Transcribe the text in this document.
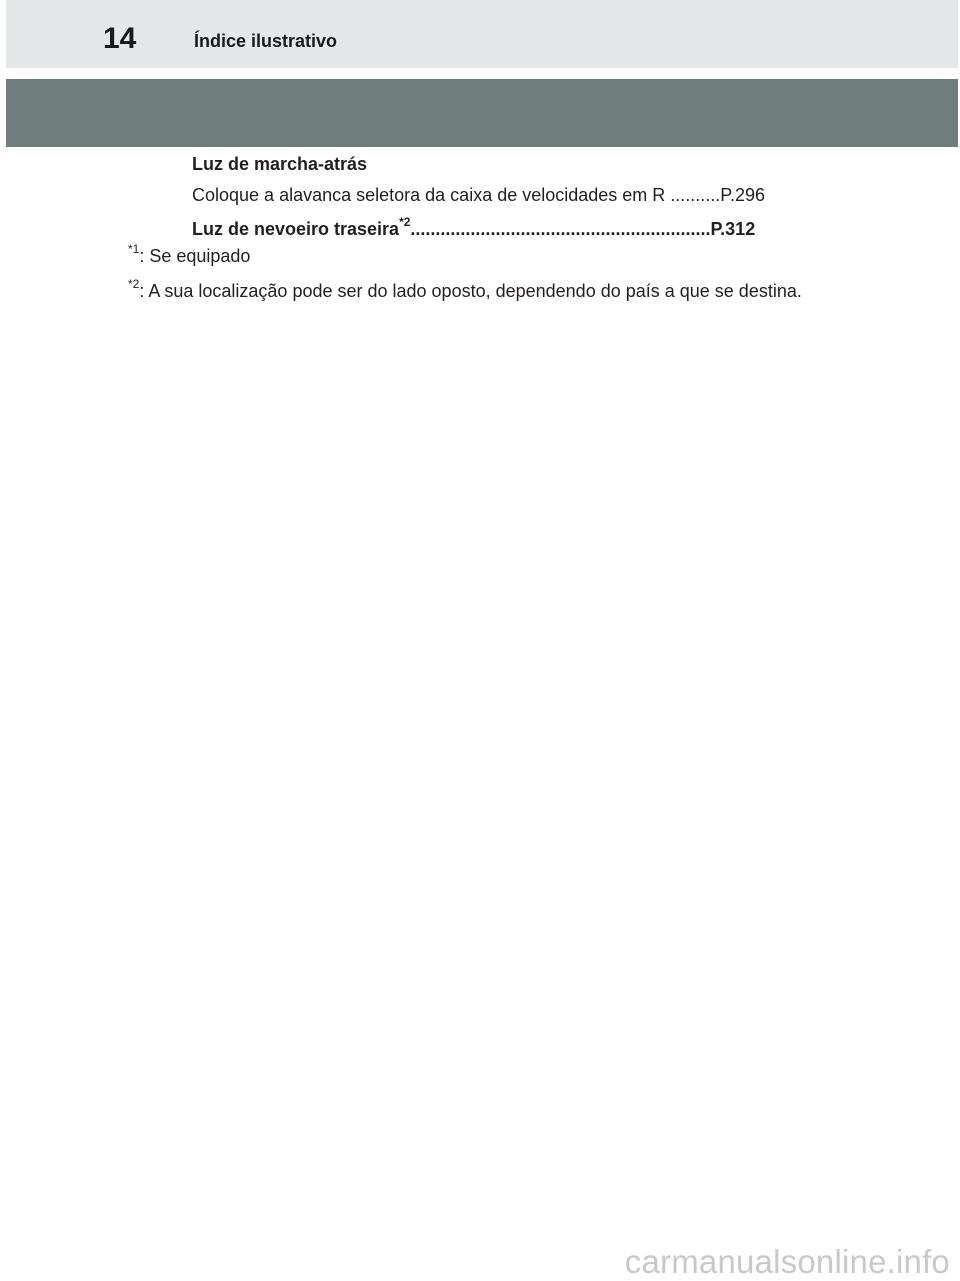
14	Índice ilustrativo
Luz de marcha-atrás
Coloque a alavanca seletora da caixa de velocidades em R ..........P.296
Luz de nevoeiro traseira$^{*2}$............................................................P.312
$^{*1}$: Se equipado
$^{*2}$: A sua localização pode ser do lado oposto, dependendo do país a que se destina.
carmanualsonline.info
